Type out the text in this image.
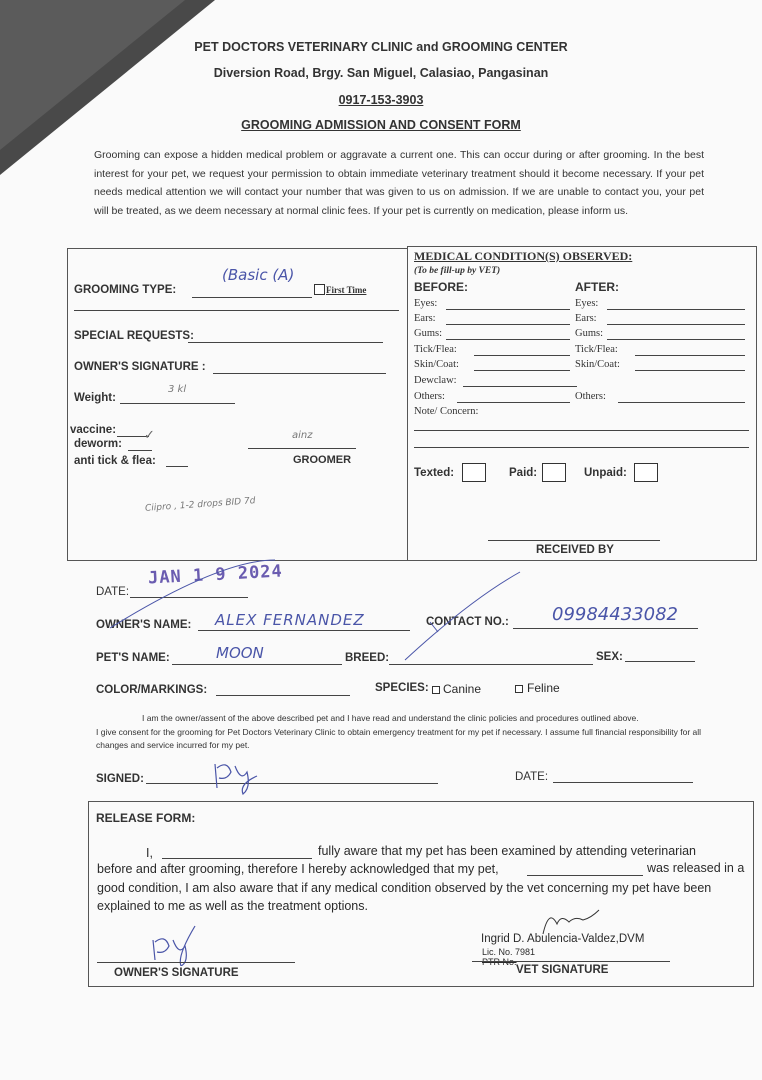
PET DOCTORS VETERINARY CLINIC and GROOMING CENTER
Diversion Road, Brgy. San Miguel, Calasiao, Pangasinan
0917-153-3903
GROOMING ADMISSION AND CONSENT FORM
Grooming can expose a hidden medical problem or aggravate a current one. This can occur during or after grooming. In the best interest for your pet, we request your permission to obtain immediate veterinary treatment should it become necessary. If your pet needs medical attention we will contact your number that was given to us on admission. If we are unable to contact you, your pet will be treated, as we deem necessary at normal clinic fees. If your pet is currently on medication, please inform us.
GROOMING TYPE:
(Basic (A)
First Time
SPECIAL REQUESTS:
OWNER'S SIGNATURE :
Weight:
3 kl
vaccine:
deworm:
✓
anti tick & flea:
ainz
GROOMER
Ciipro , 1-2 drops BID 7d
MEDICAL CONDITION(S) OBSERVED:
(To be fill-up by VET)
BEFORE:	AFTER:
Eyes:
Ears:
Gums:
Tick/Flea:
Skin/Coat:
Dewclaw:
Others:
Eyes:
Ears:
Gums:
Tick/Flea:
Skin/Coat:
Others:
Note/ Concern:
Texted:	Paid:	Unpaid:
RECEIVED BY
DATE:
JAN 1 9 2024
OWNER'S NAME: ALEX FERNANDEZ	CONTACT NO.: 09984433082
PET'S NAME:	MOON	BREED:	SEX:
COLOR/MARKINGS:	SPECIES: Canine	Feline
I am the owner/assent of the above described pet and I have read and understand the clinic policies and procedures outlined above.
I give consent for the grooming for Pet Doctors Veterinary Clinic to obtain emergency treatment for my pet if necessary. I assume full financial responsibility for all changes and service incurred for my pet.
SIGNED:	DATE:
RELEASE FORM:
I,	fully aware that my pet has been examined by attending veterinarian
before and after grooming, therefore I hereby acknowledged that my pet,	was released in a
good condition, I am also aware that if any medical condition observed by the vet concerning my pet have been explained to me as well as the treatment options.
OWNER'S SIGNATURE
Ingrid D. Abulencia-Valdez,DVM
Lic. No. 7981
PTR No.
VET SIGNATURE
